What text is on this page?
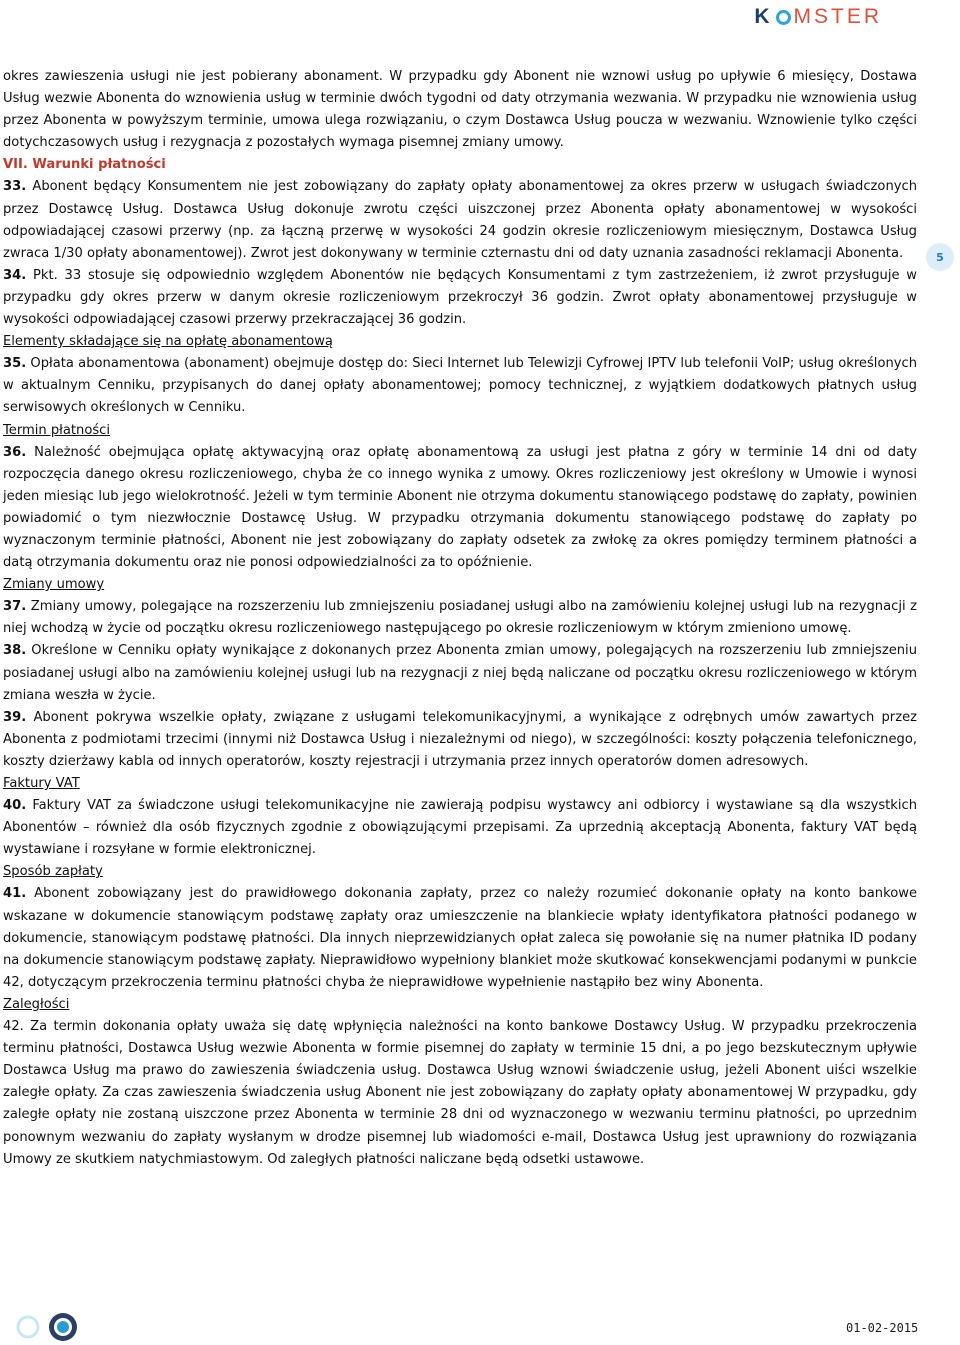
K MSTER

okres zawieszenia usługi nie jest pobierany abonament. W przypadku gdy Abonent nie wznowi usług po upływie 6 miesięcy, Dostawa Usług wezwie Abonenta do wznowienia usług w terminie dwóch tygodni od daty otrzymania wezwania. W przypadku nie wznowienia usług przez Abonenta w powyższym terminie, umowa ulega rozwiązaniu, o czym Dostawca Usług poucza w wezwaniu. Wznowienie tylko części dotychczasowych usług i rezygnacja z pozostałych wymaga pisemnej zmiany umowy.

VII. Warunki płatności

33. Abonent będący Konsumentem nie jest zobowiązany do zapłaty opłaty abonamentowej za okres przerw w usługach świadczonych przez Dostawcę Usług. Dostawca Usług dokonuje zwrotu części uiszczonej przez Abonenta opłaty abonamentowej w wysokości odpowiadającej czasowi przerwy (np. za łączną przerwę w wysokości 24 godzin okresie rozliczeniowym miesięcznym, Dostawca Usług zwraca 1/30 opłaty abonamentowej). Zwrot jest dokonywany w terminie czternastu dni od daty uznania zasadności reklamacji Abonenta.

34. Pkt. 33 stosuje się odpowiednio względem Abonentów nie będących Konsumentami z tym zastrzeżeniem, iż zwrot przysługuje w przypadku gdy okres przerw w danym okresie rozliczeniowym przekroczył 36 godzin. Zwrot opłaty abonamentowej przysługuje w wysokości odpowiadającej czasowi przerwy przekraczającej 36 godzin.

Elementy składające się na opłatę abonamentową

35. Opłata abonamentowa (abonament) obejmuje dostęp do: Sieci Internet lub Telewizji Cyfrowej IPTV lub telefonii VoIP; usług określonych w aktualnym Cenniku, przypisanych do danej opłaty abonamentowej; pomocy technicznej, z wyjątkiem dodatkowych płatnych usług serwisowych określonych w Cenniku.

Termin płatności

36. Należność obejmująca opłatę aktywacyjną oraz opłatę abonamentową za usługi jest płatna z góry w terminie 14 dni od daty rozpoczęcia danego okresu rozliczeniowego, chyba że co innego wynika z umowy. Okres rozliczeniowy jest określony w Umowie i wynosi jeden miesiąc lub jego wielokrotność. Jeżeli w tym terminie Abonent nie otrzyma dokumentu stanowiącego podstawę do zapłaty, powinien powiadomić o tym niezwłocznie Dostawcę Usług. W przypadku otrzymania dokumentu stanowiącego podstawę do zapłaty po wyznaczonym terminie płatności, Abonent nie jest zobowiązany do zapłaty odsetek za zwłokę za okres pomiędzy terminem płatności a datą otrzymania dokumentu oraz nie ponosi odpowiedzialności za to opóźnienie.

Zmiany umowy

37. Zmiany umowy, polegające na rozszerzeniu lub zmniejszeniu posiadanej usługi albo na zamówieniu kolejnej usługi lub na rezygnacji z niej wchodzą w życie od początku okresu rozliczeniowego następującego po okresie rozliczeniowym w którym zmieniono umowę.

38. Określone w Cenniku opłaty wynikające z dokonanych przez Abonenta zmian umowy, polegających na rozszerzeniu lub zmniejszeniu posiadanej usługi albo na zamówieniu kolejnej usługi lub na rezygnacji z niej będą naliczane od początku okresu rozliczeniowego w którym zmiana weszła w życie.

39. Abonent pokrywa wszelkie opłaty, związane z usługami telekomunikacyjnymi, a wynikające z odrębnych umów zawartych przez Abonenta z podmiotami trzecimi (innymi niż Dostawca Usług i niezależnymi od niego), w szczególności: koszty połączenia telefonicznego, koszty dzierżawy kabla od innych operatorów, koszty rejestracji i utrzymania przez innych operatorów domen adresowych.

Faktury VAT

40. Faktury VAT za świadczone usługi telekomunikacyjne nie zawierają podpisu wystawcy ani odbiorcy i wystawiane są dla wszystkich Abonentów – również dla osób fizycznych zgodnie z obowiązującymi przepisami. Za uprzednią akceptacją Abonenta, faktury VAT będą wystawiane i rozsyłane w formie elektronicznej.

Sposób zapłaty

41. Abonent zobowiązany jest do prawidłowego dokonania zapłaty, przez co należy rozumieć dokonanie opłaty na konto bankowe wskazane w dokumencie stanowiącym podstawę zapłaty oraz umieszczenie na blankiecie wpłaty identyfikatora płatności podanego w dokumencie, stanowiącym podstawę płatności. Dla innych nieprzewidzianych opłat zaleca się powołanie się na numer płatnika ID podany na dokumencie stanowiącym podstawę zapłaty. Nieprawidłowo wypełniony blankiet może skutkować konsekwencjami podanymi w punkcie 42, dotyczącym przekroczenia terminu płatności chyba że nieprawidłowe wypełnienie nastąpiło bez winy Abonenta.

Zaległości

42. Za termin dokonania opłaty uważa się datę wpłynięcia należności na konto bankowe Dostawcy Usług. W przypadku przekroczenia terminu płatności, Dostawca Usług wezwie Abonenta w formie pisemnej do zapłaty w terminie 15 dni, a po jego bezskutecznym upływie Dostawca Usług ma prawo do zawieszenia świadczenia usług. Dostawca Usług wznowi świadczenie usług, jeżeli Abonent uiści wszelkie zaległe opłaty. Za czas zawieszenia świadczenia usług Abonent nie jest zobowiązany do zapłaty opłaty abonamentowej W przypadku, gdy zaległe opłaty nie zostaną uiszczone przez Abonenta w terminie 28 dni od wyznaczonego w wezwaniu terminu płatności, po uprzednim ponownym wezwaniu do zapłaty wysłanym w drodze pisemnej lub wiadomości e-mail, Dostawca Usług jest uprawniony do rozwiązania Umowy ze skutkiem natychmiastowym. Od zaległych płatności naliczane będą odsetki ustawowe.

5
01-02-2015
